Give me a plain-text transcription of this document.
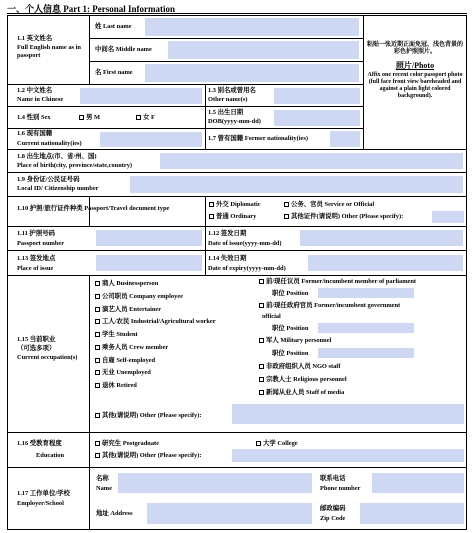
一、个人信息 Part 1: Personal Information
1.1 英文姓名
Full English name as in passport
姓 Last name
中间名 Middle name
名 First name
粘贴一张近期正面免冠、浅色背景的彩色护照照片。
照片/Photo
Affix one recent color passport photo (full face front view bareheaded and against a plain light colored background).
1.2 中文姓名
Name in Chinese
1.3 别名或曾用名
Other name(s)
1.4 性别 Sex	男 M	女 F
1.5 出生日期
DOB(yyyy-mm-dd)
1.6 现有国籍
Current nationality(ies)
1.7 曾有国籍 Former nationality(ies)
1.8 出生地点(市、省/州、国)
Place of birth(city, province/state,country)
1.9 身份证/公民证号码
Local ID/ Citizenship number
1.10 护照/旅行证件种类 Passport/Travel document type
外交 Diplomatic	公务、官员 Service or Official
普通 Ordinary	其他证件(请说明) Other (Please specify):
1.11 护照号码
Passport number
1.12 签发日期
Date of issue(yyyy-mm-dd)
1.13 签发地点
Place of issue
1.14 失效日期
Date of expiry(yyyy-mm-dd)
1.15 当前职业
（可选多项）
Current occupation(s)
商人 Businessperson
公司职员 Company employee
演艺人员 Entertainer
工人/农民 Industrial/Agricultural worker
学生 Student
乘务人员 Crew member
自雇 Self-employed
无业 Unemployed
退休 Retired
前/现任议员 Former/incumbent member of parliament
职位 Position
前/现任政府官员 Former/incumbent government
official
职位 Position
军人 Military personnel
职位 Position
非政府组织人员 NGO staff
宗教人士 Religious personnel
新闻从业人员 Staff of media
其他(请说明) Other (Please specify):
1.16 受教育程度
Education
研究生 Postgraduate	大学 College
其他(请说明) Other (Please specify):
1.17 工作单位/学校
Employer/School
名称
Name
地址 Address
联系电话
Phone number
邮政编码
Zip Code
